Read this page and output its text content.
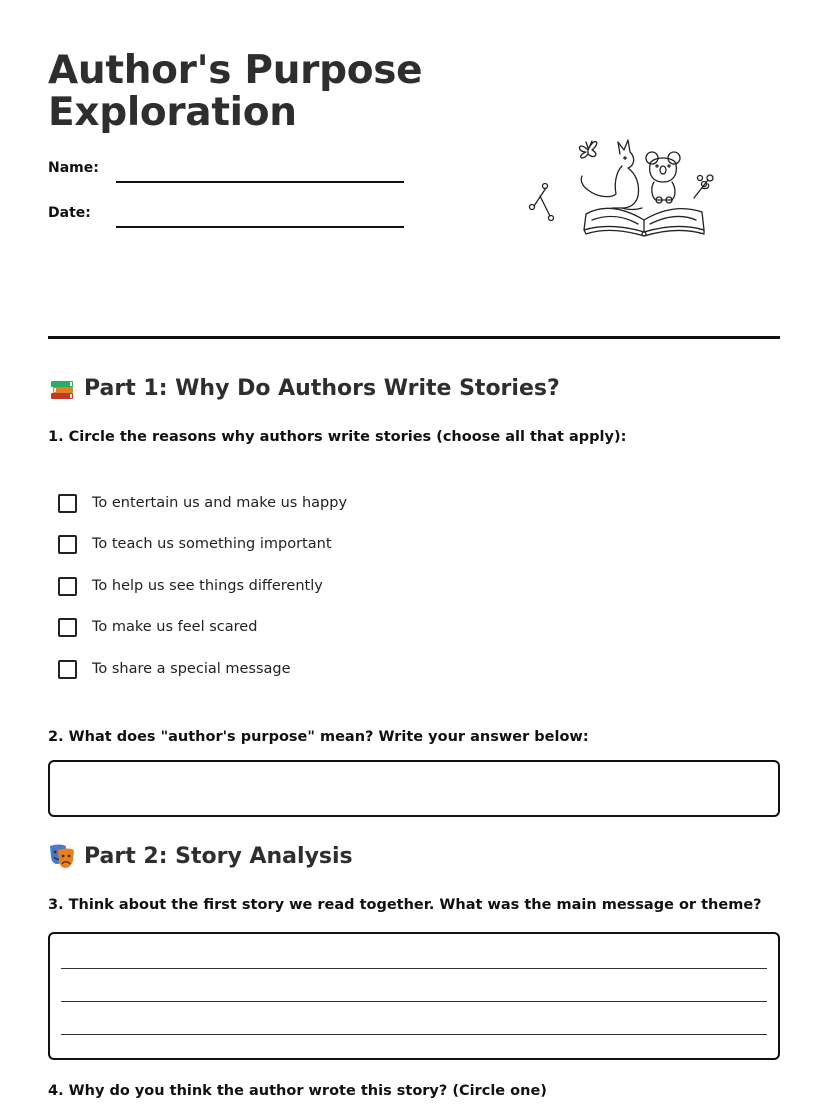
Author's Purpose
Exploration
Name:
Date:
Part 1: Why Do Authors Write Stories?
1. Circle the reasons why authors write stories (choose all that apply):
To entertain us and make us happy
To teach us something important
To help us see things differently
To make us feel scared
To share a special message
2. What does "author's purpose" mean? Write your answer below:
Part 2: Story Analysis
3. Think about the first story we read together. What was the main message or theme?
4. Why do you think the author wrote this story? (Circle one)
